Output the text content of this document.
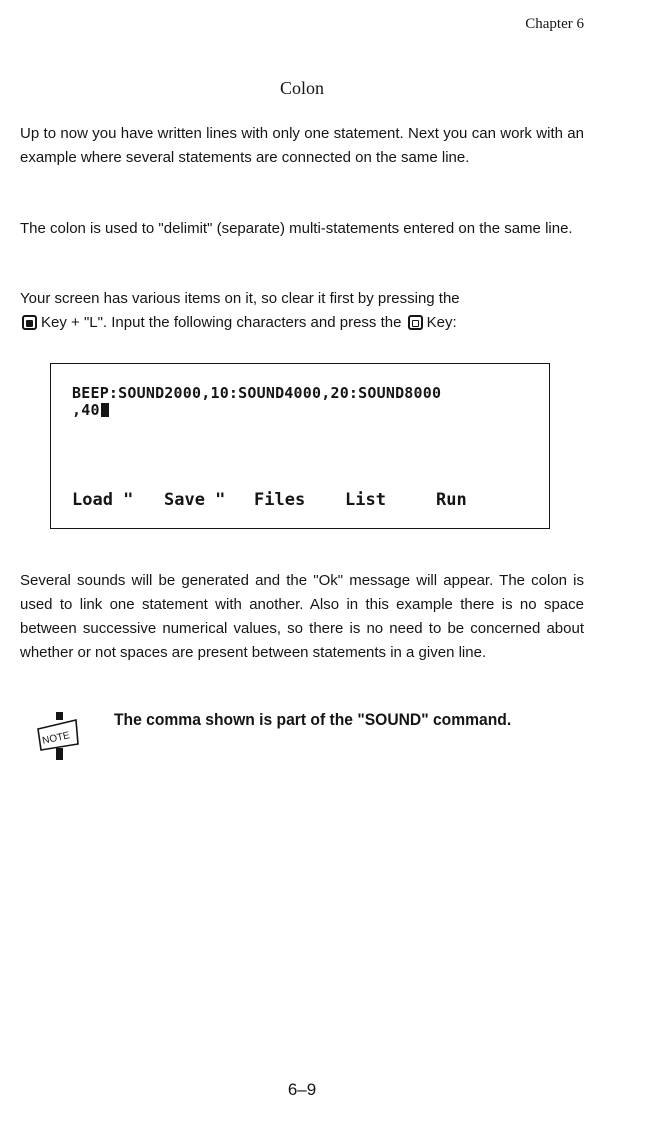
Chapter 6
Colon

Up to now you have written lines with only one statement. Next you can work with an example where several statements are connected on the same line.

The colon is used to "delimit" (separate) multi-statements entered on the same line.

Your screen has various items on it, so clear it first by pressing the
Key + "L". Input the following characters and press the Key:

BEEP:SOUND2000,10:SOUND4000,20:SOUND8000
,40
Load " Save " Files List	Run

Several sounds will be generated and the "Ok" message will appear. The colon is used to link one statement with another. Also in this example there is no space between successive numerical values, so there is no need to be concerned about whether or not spaces are present between statements in a given line.

NOTE
The comma shown is part of the "SOUND" command.
6–9
